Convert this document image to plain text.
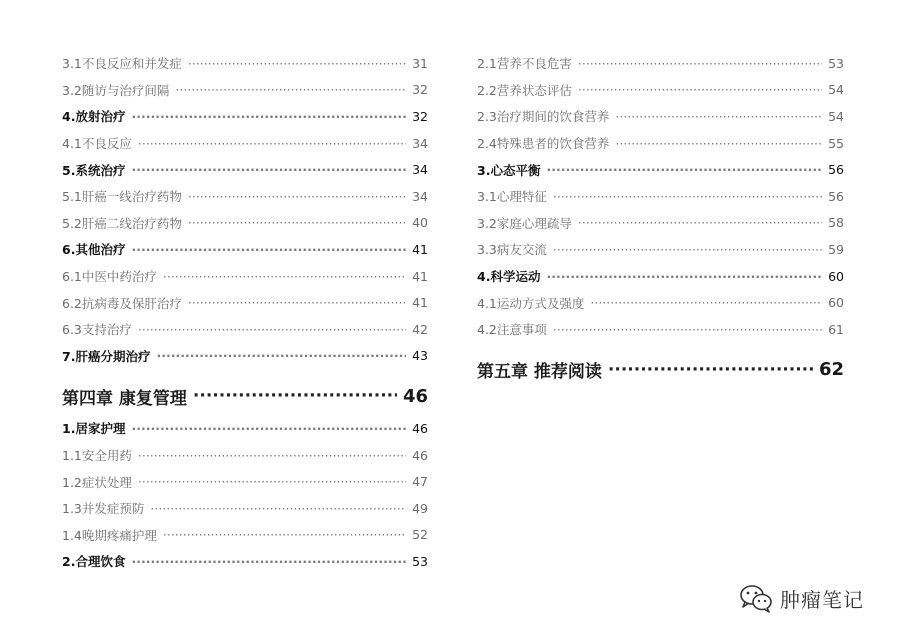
3.1不良反应和并发症 ·····	31
3.2随访与治疗间隔 ·····	32
4.放射治疗 ·····	32
4.1不良反应 ·····	34
5.系统治疗 ·····	34
5.1肝癌一线治疗药物 ·····	34
5.2肝癌二线治疗药物 ·····	40
6.其他治疗 ·····	41
6.1中医中药治疗 ·····	41
6.2抗病毒及保肝治疗 ·····	41
6.3支持治疗 ·····	42
7.肝癌分期治疗 ·····	43
第四章 康复管理 ·····	46
1.居家护理 ·····	46
1.1安全用药 ·····	46
1.2症状处理 ·····	47
1.3并发症预防 ·····	49
1.4晚期疼痛护理 ·····	52
2.合理饮食 ·····	53
2.1营养不良危害 ·····	53
2.2营养状态评估 ·····	54
2.3治疗期间的饮食营养 ·····	54
2.4特殊患者的饮食营养 ·····	55
3.心态平衡 ·····	56
3.1心理特征 ·····	56
3.2家庭心理疏导 ·····	58
3.3病友交流 ·····	59
4.科学运动 ·····	60
4.1运动方式及强度 ·····	60
4.2注意事项 ·····	61
第五章 推荐阅读 ·····	62
肿瘤笔记
